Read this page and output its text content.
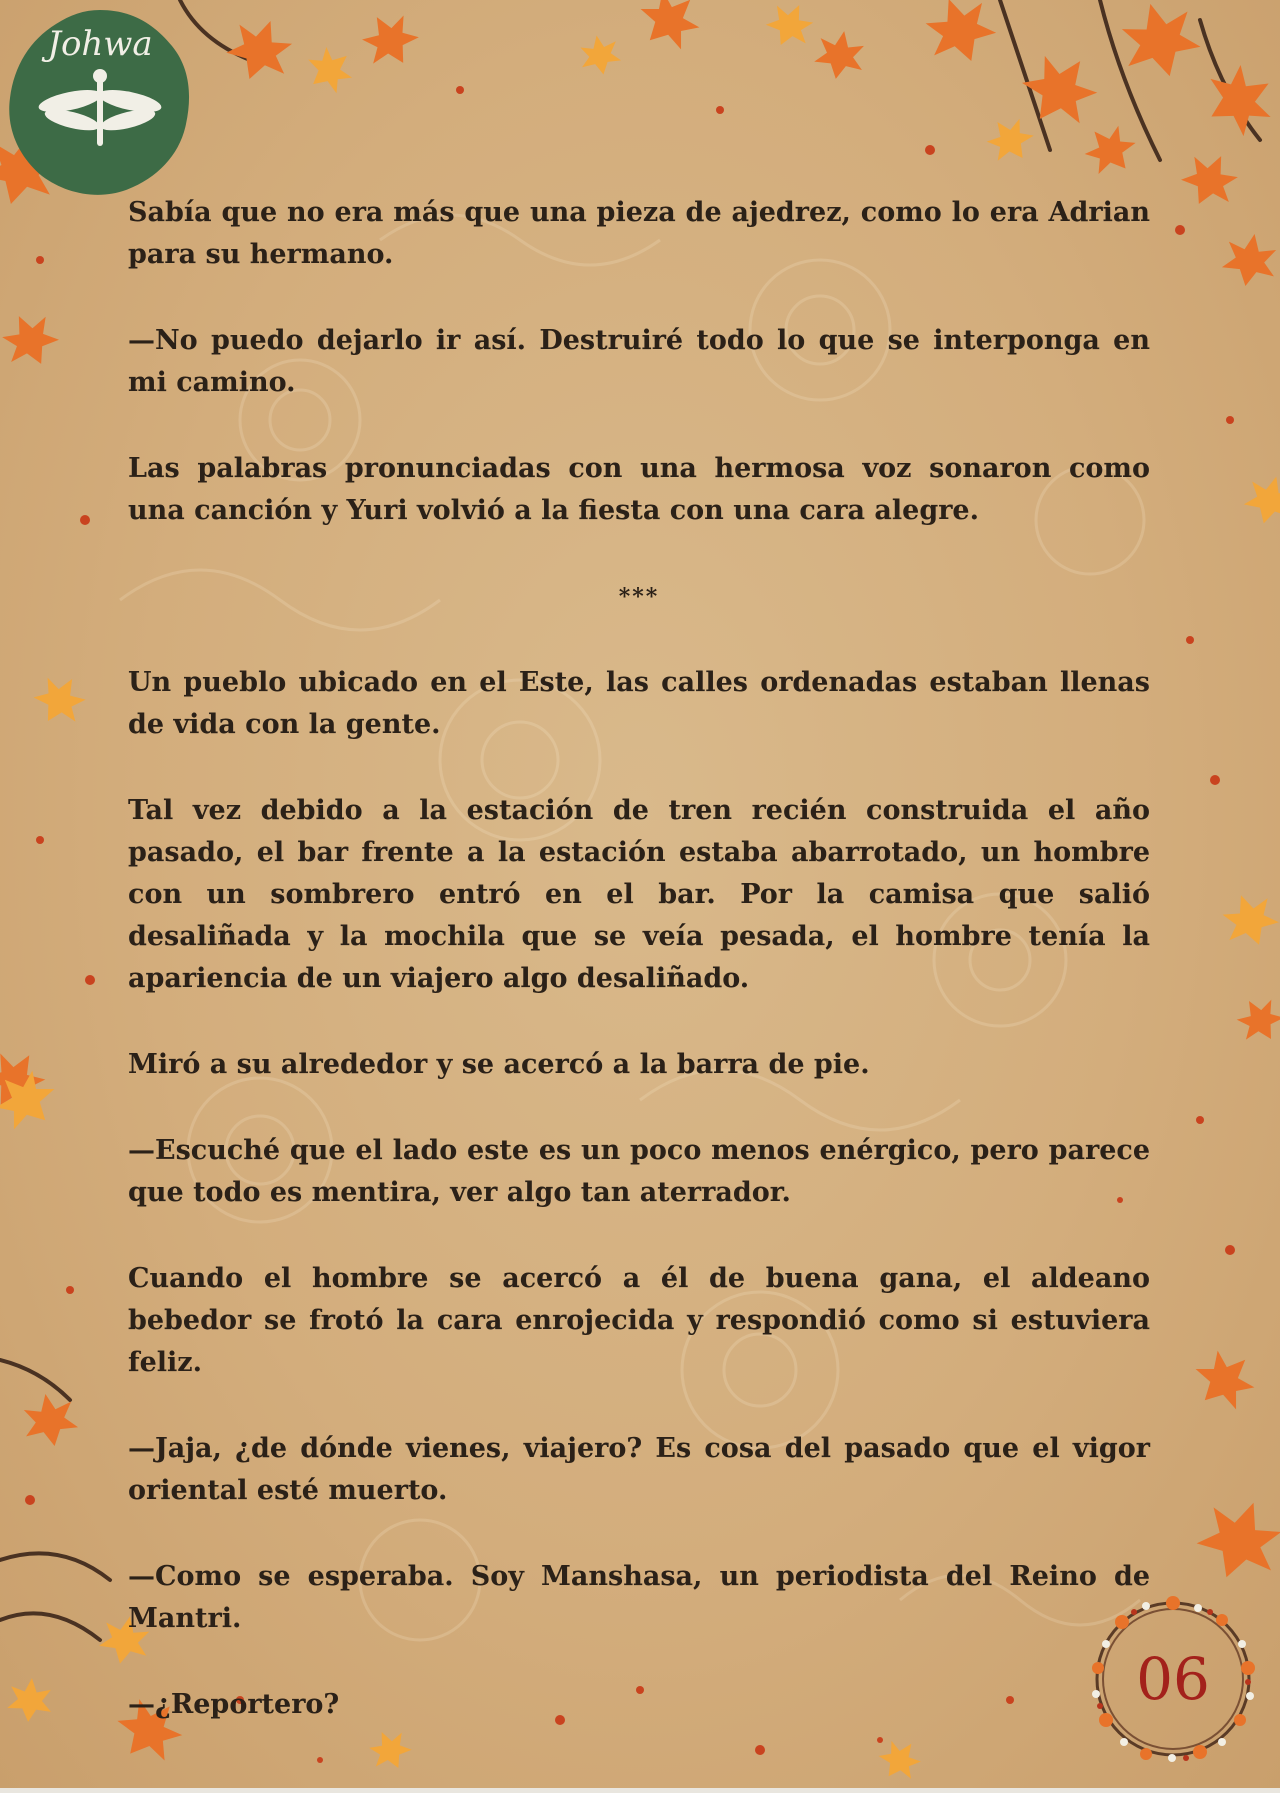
Johwa

Sabía que no era más que una pieza de ajedrez, como lo era Adrian para su hermano.

—No puedo dejarlo ir así. Destruiré todo lo que se interponga en mi camino.

Las palabras pronunciadas con una hermosa voz sonaron como una canción y Yuri volvió a la fiesta con una cara alegre.

***

Un pueblo ubicado en el Este, las calles ordenadas estaban llenas de vida con la gente.

Tal vez debido a la estación de tren recién construida el año pasado, el bar frente a la estación estaba abarrotado, un hombre con un sombrero entró en el bar. Por la camisa que salió desaliñada y la mochila que se veía pesada, el hombre tenía la apariencia de un viajero algo desaliñado.

Miró a su alrededor y se acercó a la barra de pie.

—Escuché que el lado este es un poco menos enérgico, pero parece que todo es mentira, ver algo tan aterrador.

Cuando el hombre se acercó a él de buena gana, el aldeano bebedor se frotó la cara enrojecida y respondió como si estuviera feliz.

—Jaja, ¿de dónde vienes, viajero? Es cosa del pasado que el vigor oriental esté muerto.

—Como se esperaba. Soy Manshasa, un periodista del Reino de Mantri.

—¿Reportero?	06
